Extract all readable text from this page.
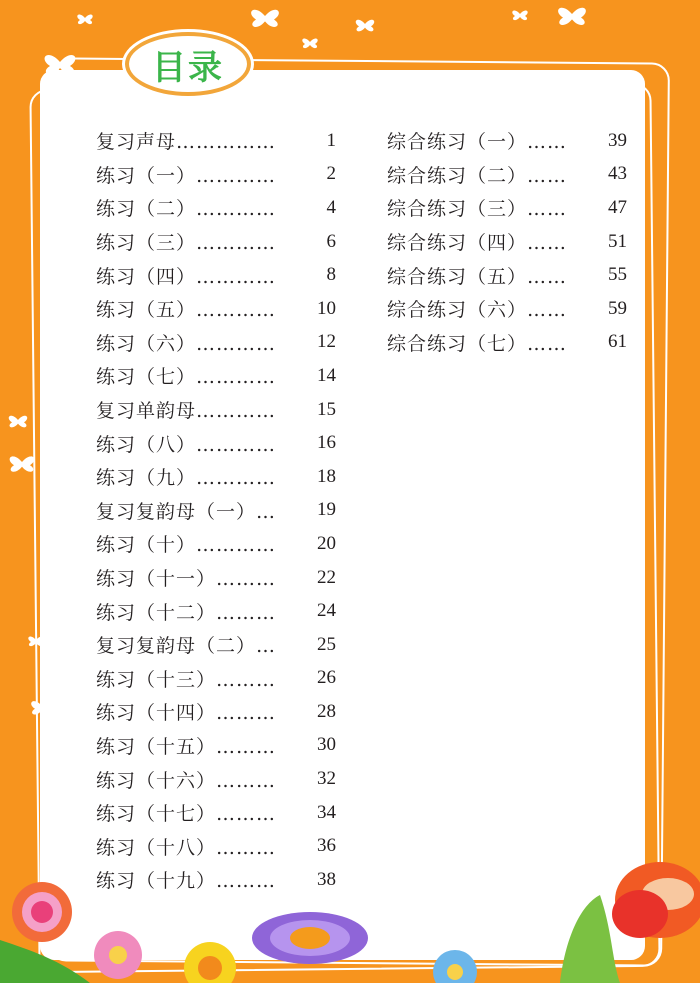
目录
复习声母……………	1
练习（一）…………	2
练习（二）…………	4
练习（三）…………	6
练习（四）…………	8
练习（五）…………	10
练习（六）…………	12
练习（七）…………	14
复习单韵母…………	15
练习（八）…………	16
练习（九）…………	18
复习复韵母（一）…	19
练习（十）…………	20
练习（十一）………	22
练习（十二）………	24
复习复韵母（二）…	25
练习（十三）………	26
练习（十四）………	28
练习（十五）………	30
练习（十六）………	32
练习（十七）………	34
练习（十八）………	36
练习（十九）………	38
综合练习（一）……	39
综合练习（二）……	43
综合练习（三）……	47
综合练习（四）……	51
综合练习（五）……	55
综合练习（六）……	59
综合练习（七）……	61
